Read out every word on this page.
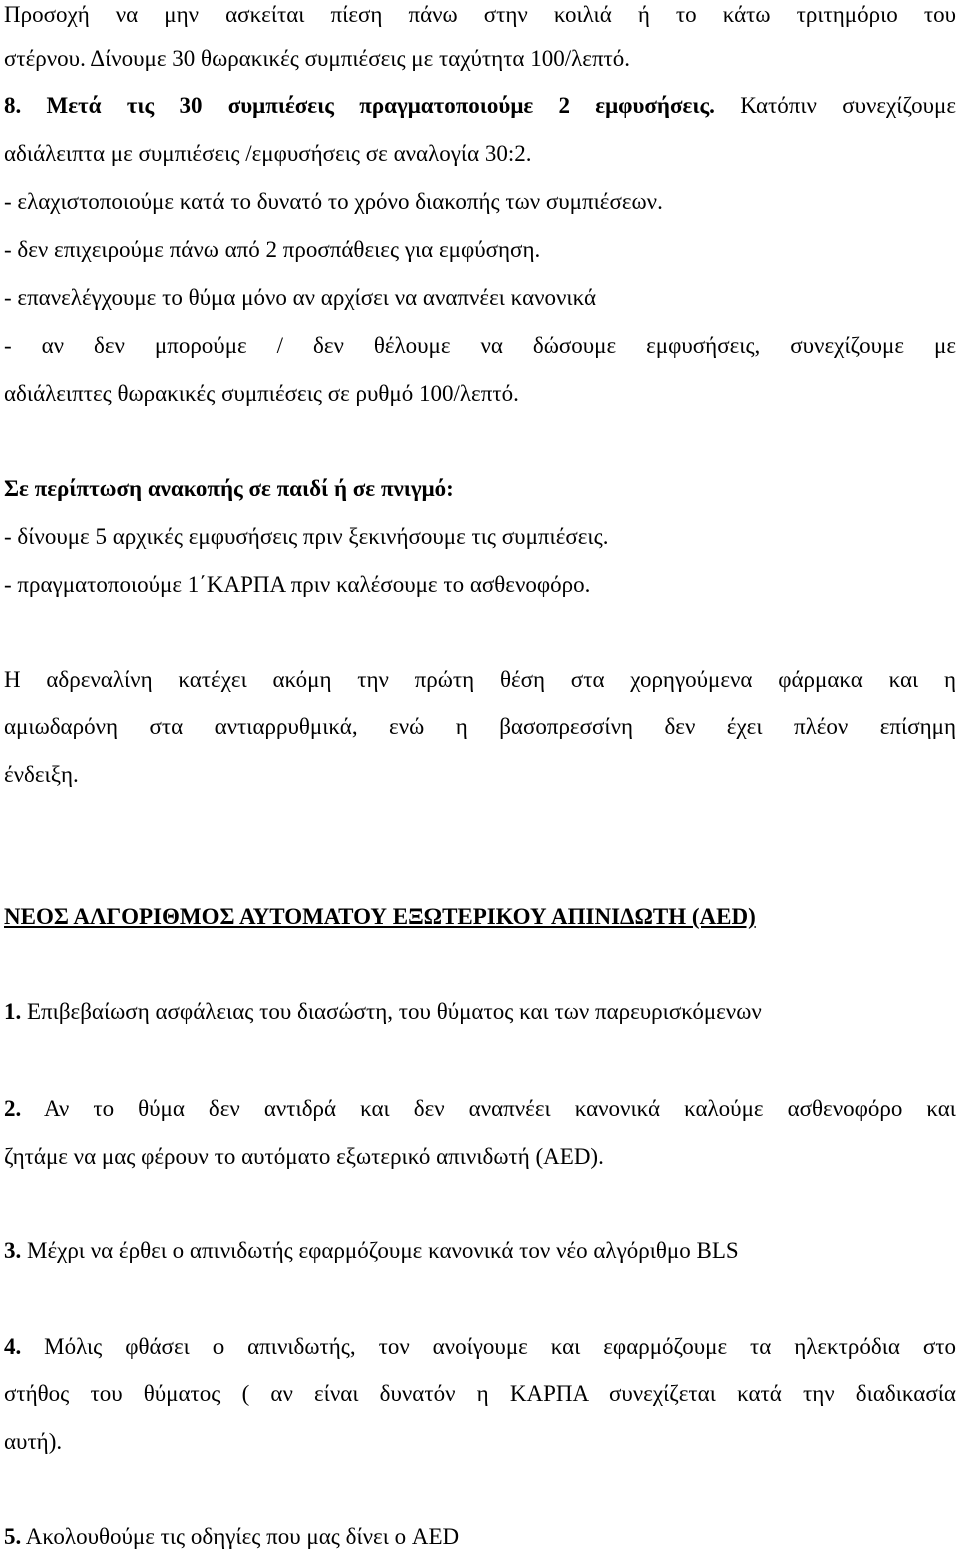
Προσοχή να μην ασκείται πίεση πάνω στην κοιλιά ή το κάτω τριτημόριο του
στέρνου. Δίνουμε 30 θωρακικές συμπιέσεις με ταχύτητα 100/λεπτό.
8. Μετά τις 30 συμπιέσεις πραγματοποιούμε 2 εμφυσήσεις. Κατόπιν συνεχίζουμε
αδιάλειπτα με συμπιέσεις /εμφυσήσεις σε αναλογία 30:2.
- ελαχιστοποιούμε κατά το δυνατό το χρόνο διακοπής των συμπιέσεων.
- δεν επιχειρούμε πάνω από 2 προσπάθειες για εμφύσηση.
- επανελέγχουμε το θύμα μόνο αν αρχίσει να αναπνέει κανονικά
- αν δεν μπορούμε / δεν θέλουμε να δώσουμε εμφυσήσεις, συνεχίζουμε με
αδιάλειπτες θωρακικές συμπιέσεις σε ρυθμό 100/λεπτό.
Σε περίπτωση ανακοπής σε παιδί ή σε πνιγμό:
- δίνουμε 5 αρχικές εμφυσήσεις πριν ξεκινήσουμε τις συμπιέσεις.
- πραγματοποιούμε 1΄ΚΑΡΠΑ πριν καλέσουμε το ασθενοφόρο.
Η αδρεναλίνη κατέχει ακόμη την πρώτη θέση στα χορηγούμενα φάρμακα και η
αμιωδαρόνη στα αντιαρρυθμικά, ενώ η βασοπρεσσίνη δεν έχει πλέον επίσημη
ένδειξη.
ΝΕΟΣ ΑΛΓΟΡΙΘΜΟΣ ΑΥΤΟΜΑΤΟΥ ΕΞΩΤΕΡΙΚΟΥ ΑΠΙΝΙΔΩΤΗ (AED)
1. Επιβεβαίωση ασφάλειας του διασώστη, του θύματος και των παρευρισκόμενων
2. Αν το θύμα δεν αντιδρά και δεν αναπνέει κανονικά καλούμε ασθενοφόρο και
ζητάμε να μας φέρουν το αυτόματο εξωτερικό απινιδωτή (AED).
3. Μέχρι να έρθει ο απινιδωτής εφαρμόζουμε κανονικά τον νέο αλγόριθμο BLS
4. Μόλις φθάσει ο απινιδωτής, τον ανοίγουμε και εφαρμόζουμε τα ηλεκτρόδια στο
στήθος του θύματος ( αν είναι δυνατόν η ΚΑΡΠΑ συνεχίζεται κατά την διαδικασία
αυτή).
5. Ακολουθούμε τις οδηγίες που μας δίνει ο AED
